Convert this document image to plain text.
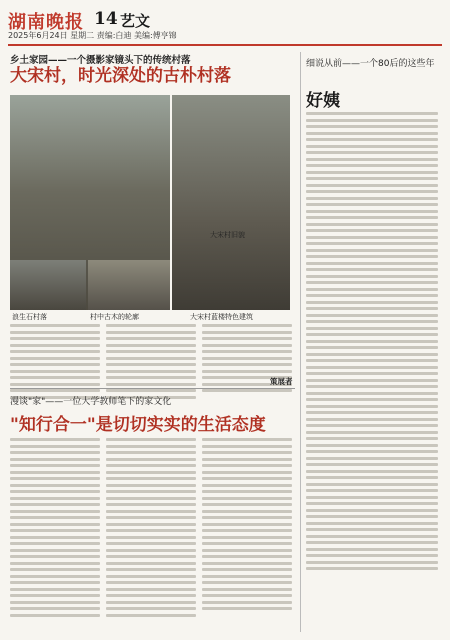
湖南晚报 14 艺文
2025年6月24日 星期二 责编:白迪 美编:傅亨锦
乡土家园——一个摄影家镜头下的传统村落
大宋村，时光深处的古朴村落
细说从前——一个80后的这些年
好姨
大宋村旧貌
浪生石村落	村中古木的轮廓	大宋村蓝楼特色建筑
策展者
漫谈"家"——一位大学教师笔下的家文化
"知行合一"是切切实实的生活态度
